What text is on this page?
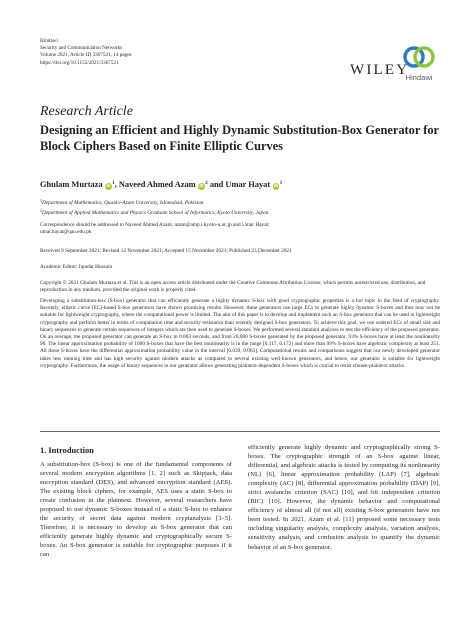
Hindawi
Security and Communication Networks
Volume 2021, Article ID 3367521, 14 pages
https://doi.org/10.1155/2021/3367521	WILEY
Hindawi
Research Article
Designing an Efficient and Highly Dynamic Substitution-Box Generator for Block Ciphers Based on Finite Elliptic Curves
Ghulam Murtaza iD $^1$, Naveed Ahmed Azam iD $^2$ and Umar Hayat iD $^1$
$^1$Department of Mathematics, Quaid-i-Azam University, Islamabad, Pakistan
$^2$Department of Applied Mathematics and Physics Graduate School of Informatics, Kyoto University, Japan
Correspondence should be addressed to Naveed Ahmed Azam; azam@amp.i.kyoto-u.ac.jp and Umar Hayat;
umar.hayat@qau.edu.pk
Received 9 September 2021; Revised 12 November 2021; Accepted 15 November 2021; Published 23 December 2021
Academic Editor: Iqtadar Hussain
Copyright © 2021 Ghulam Murtaza et al. This is an open access article distributed under the Creative Commons Attribution License, which permits unrestricted use, distribution, and reproduction in any medium, provided the original work is properly cited.
Developing a substitution-box (S-box) generator that can efficiently generate a highly dynamic S-box with good cryptographic properties is a hot topic in the field of cryptography. Recently, elliptic curve (EC)-based S-box generators have shown promising results. However, these generators use large ECs to generate highly dynamic S-boxes and thus may not be suitable for lightweight cryptography, where the computational power is limited. The aim of this paper is to develop and implement such an S-box generator that can be used in lightweight cryptography and perform better in terms of computation time and security resistance than recently designed S-box generators. To achieve this goal, we use ordered ECs of small size and binary sequences to generate certain sequences of integers which are then used to generate S-boxes. We performed several standard analyses to test the efficiency of the proposed generator. On an average, the proposed generator can generate an S-box in 0.003 seconds, and from 20,000 S-boxes generated by the proposed generator, 93% S-boxes have at least the nonlinearity 96. The linear approximation probability of 1000 S-boxes that have the best nonlinearity is in the range [0.117, 0.172] and more than 99% S-boxes have algebraic complexity at least 251. All these S-boxes have the differential approximation probability value in the interval [0.039, 0.063]. Computational results and comparisons suggest that our newly developed generator takes less running time and has high security against modern attacks as compared to several existing well-known generators, and hence, our generator is suitable for lightweight cryptography. Furthermore, the usage of binary sequences in our generator allows generating plaintext-dependent S-boxes which is crucial to resist chosen-plaintext attacks.
1. Introduction
A substitution-box (S-box) is one of the fundamental components of several modern encryption algorithms [1, 2] such as Skipjack, data encryption standard (DES), and advanced encryption standard (AES). The existing block ciphers, for example, AES uses a static S-box to create confusion in the plaintext. However, several researchers have proposed to use dynamic S-boxes instead of a static S-box to enhance the security of secret data against modern cryptanalysis [3–5]. Therefore, it is necessary to develop an S-box generator that can efficiently generate highly dynamic and cryptographically secure S-boxes. An S-box generator is suitable for cryptographic purposes if it can
efficiently generate highly dynamic and cryptographically strong S-boxes. The cryptographic strength of an S-box against linear, differential, and algebraic attacks is tested by computing its nonlinearity (NL) [6], linear approximation probability (LAP) [7], algebraic complexity (AC) [8], differential approximation probability (DAP) [9], strict avalanche criterion (SAC) [10], and bit independent criterion (BIC) [10]. However, the dynamic behavior and computational efficiency of almost all (if not all) existing S-box generators have not been tested. In 2021, Azam et al. [11] proposed some necessary tests including singularity analysis, complexity analysis, variation analysis, sensitivity analysis, and confusion analysis to quantify the dynamic behavior of an S-box generator.
